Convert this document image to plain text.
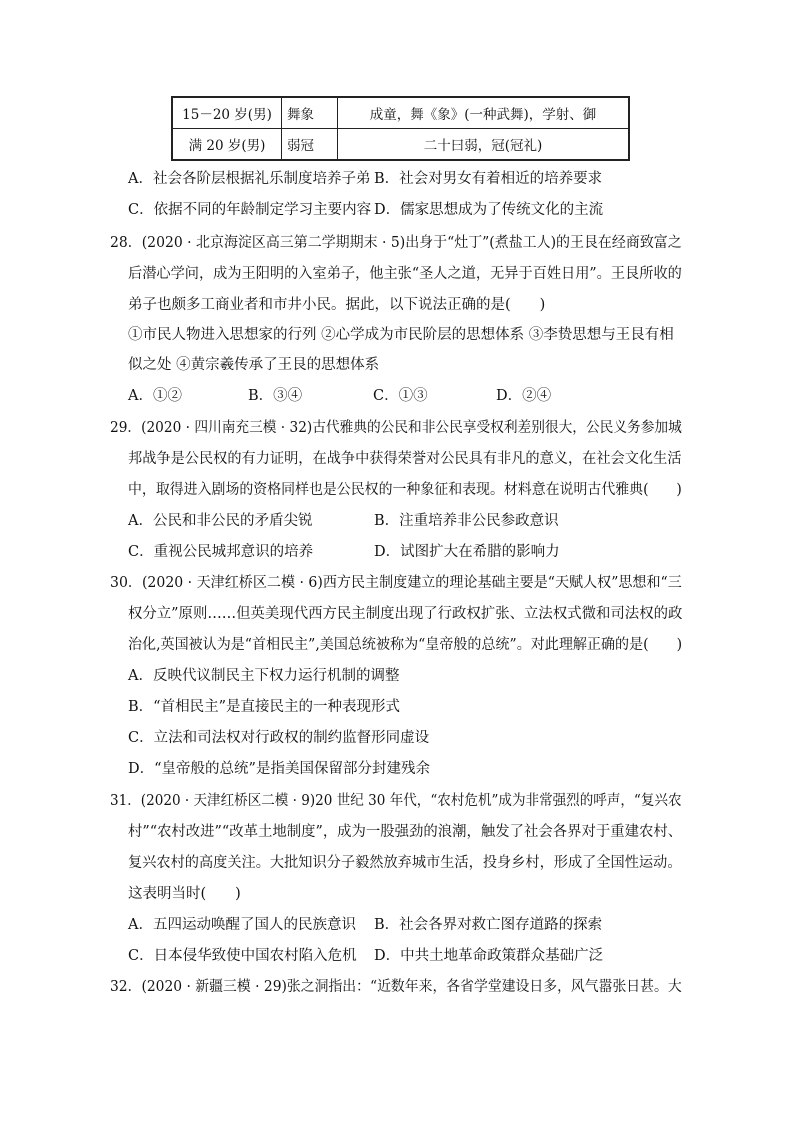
15－20 岁(男)	舞象	成童，舞《象》(一种武舞)，学射、御
满 20 岁(男)	弱冠	二十曰弱，冠(冠礼)
A．社会各阶层根据礼乐制度培养子弟 B．社会对男女有着相近的培养要求
C．依据不同的年龄制定学习主要内容 D．儒家思想成为了传统文化的主流
28．(2020 · 北京海淀区高三第二学期期末 · 5)出身于“灶丁”(煮盐工人)的王艮在经商致富之
后潜心学问，成为王阳明的入室弟子，他主张“圣人之道，无异于百姓日用”。王艮所收的
弟子也颇多工商业者和市井小民。据此，以下说法正确的是(　　)
①市民人物进入思想家的行列 ②心学成为市民阶层的思想体系 ③李贽思想与王艮有相
似之处 ④黄宗羲传承了王艮的思想体系
A．①②	B．③④	C．①③	D．②④
29．(2020 · 四川南充三模 · 32)古代雅典的公民和非公民享受权利差别很大，公民义务参加城
邦战争是公民权的有力证明，在战争中获得荣誉对公民具有非凡的意义，在社会文化生活
中，取得进入剧场的资格同样也是公民权的一种象征和表现。材料意在说明古代雅典(　　)
A．公民和非公民的矛盾尖锐	B．注重培养非公民参政意识
C．重视公民城邦意识的培养	D．试图扩大在希腊的影响力
30．(2020 · 天津红桥区二模 · 6)西方民主制度建立的理论基础主要是“天赋人权”思想和“三
权分立”原则……但英美现代西方民主制度出现了行政权扩张、立法权式微和司法权的政
治化,英国被认为是“首相民主”,美国总统被称为“皇帝般的总统”。对此理解正确的是(　　)
A．反映代议制民主下权力运行机制的调整
B．“首相民主”是直接民主的一种表现形式
C．立法和司法权对行政权的制约监督形同虚设
D．“皇帝般的总统”是指美国保留部分封建残余
31．(2020 · 天津红桥区二模 · 9)20 世纪 30 年代，“农村危机”成为非常强烈的呼声，“复兴农
村”“农村改进”“改革土地制度”，成为一股强劲的浪潮，触发了社会各界对于重建农村、
复兴农村的高度关注。大批知识分子毅然放弃城市生活，投身乡村，形成了全国性运动。
这表明当时(　　)
A．五四运动唤醒了国人的民族意识 B．社会各界对救亡图存道路的探索
C．日本侵华致使中国农村陷入危机 D．中共土地革命政策群众基础广泛
32．(2020 · 新疆三模 · 29)张之洞指出：“近数年来，各省学堂建设日多，风气嚣张日甚。大
